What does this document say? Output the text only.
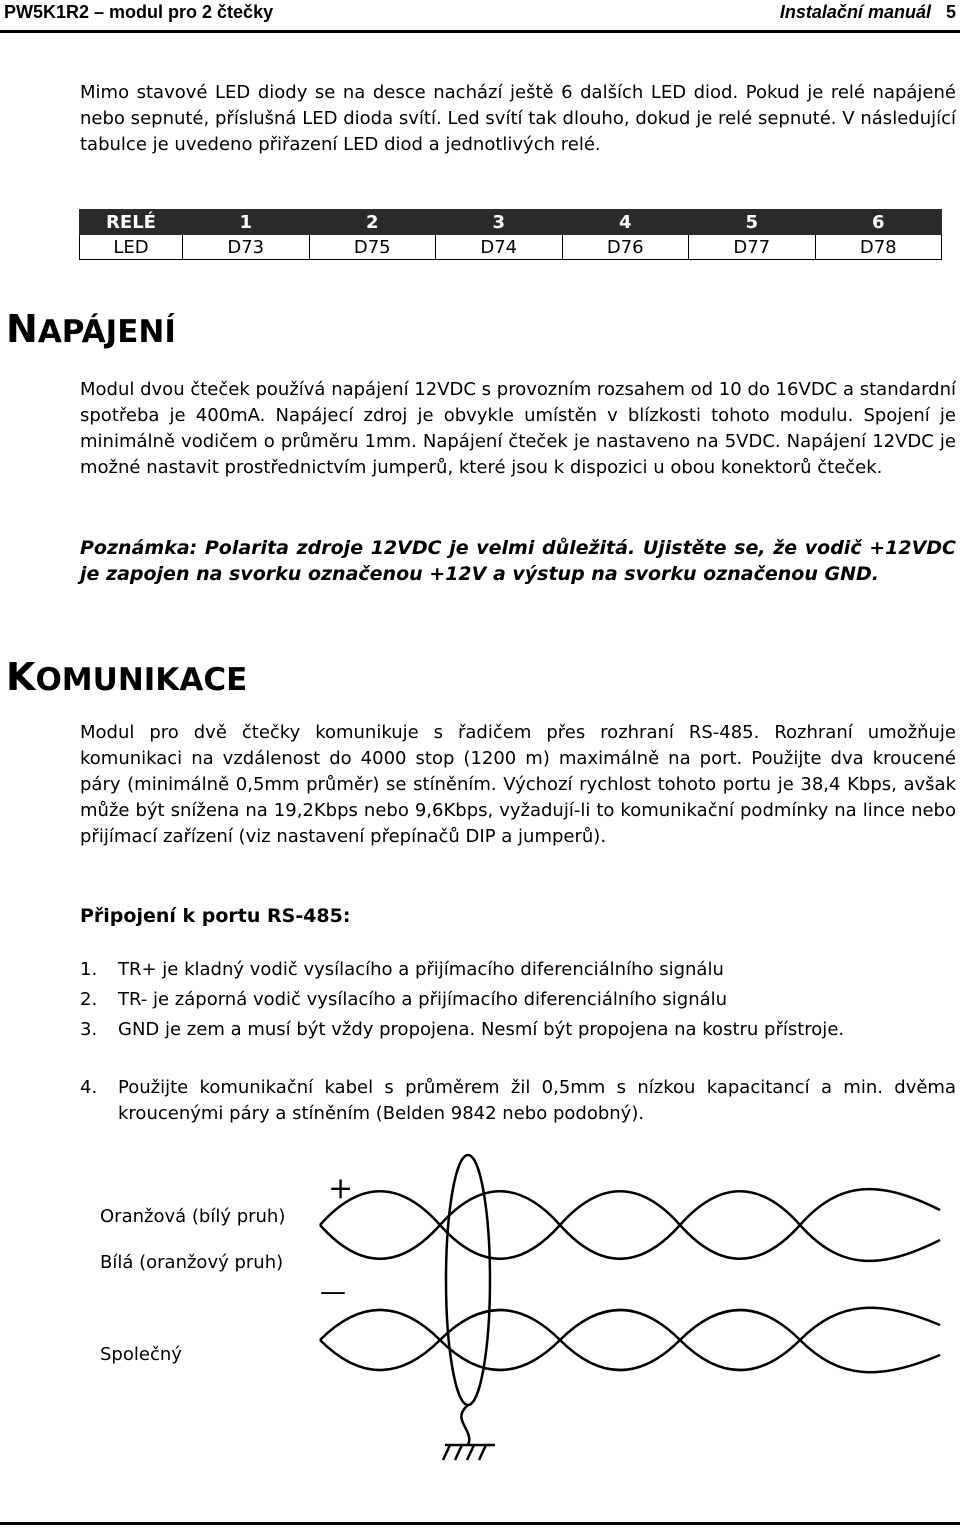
PW5K1R2 – modul pro 2 čtečky	Instalační manuál 5

Mimo stavové LED diody se na desce nachází ještě 6 dalších LED diod. Pokud je relé napájené nebo sepnuté, příslušná LED dioda svítí. Led svítí tak dlouho, dokud je relé sepnuté. V následující tabulce je uvedeno přiřazení LED diod a jednotlivých relé.

RELÉ	1	2	3	4	5	6
LED	D73	D75	D74	D76	D77	D78
NAPÁJENÍ

Modul dvou čteček používá napájení 12VDC s provozním rozsahem od 10 do 16VDC a standardní spotřeba je 400mA. Napájecí zdroj je obvykle umístěn v blízkosti tohoto modulu. Spojení je minimálně vodičem o průměru 1mm. Napájení čteček je nastaveno na 5VDC. Napájení 12VDC je možné nastavit prostřednictvím jumperů, které jsou k dispozici u obou konektorů čteček.

Poznámka: Polarita zdroje 12VDC je velmi důležitá. Ujistěte se, že vodič +12VDC je zapojen na svorku označenou +12V a výstup na svorku označenou GND.

KOMUNIKACE

Modul pro dvě čtečky komunikuje s řadičem přes rozhraní RS-485. Rozhraní umožňuje komunikaci na vzdálenost do 4000 stop (1200 m) maximálně na port. Použijte dva kroucené páry (minimálně 0,5mm průměr) se stíněním. Výchozí rychlost tohoto portu je 38,4 Kbps, avšak může být snížena na 19,2Kbps nebo 9,6Kbps, vyžadují-li to komunikační podmínky na lince nebo přijímací zařízení (viz nastavení přepínačů DIP a jumperů).

Připojení k portu RS-485:
1. TR+ je kladný vodič vysílacího a přijímacího diferenciálního signálu
2. TR- je záporná vodič vysílacího a přijímacího diferenciálního signálu
3. GND je zem a musí být vždy propojena. Nesmí být propojena na kostru přístroje.
4. Použijte komunikační kabel s průměrem žil 0,5mm s nízkou kapacitancí a min. dvěma kroucenými páry a stíněním (Belden 9842 nebo podobný).
Oranžová (bílý pruh)
Bílá (oranžový pruh)
Společný
+
—
